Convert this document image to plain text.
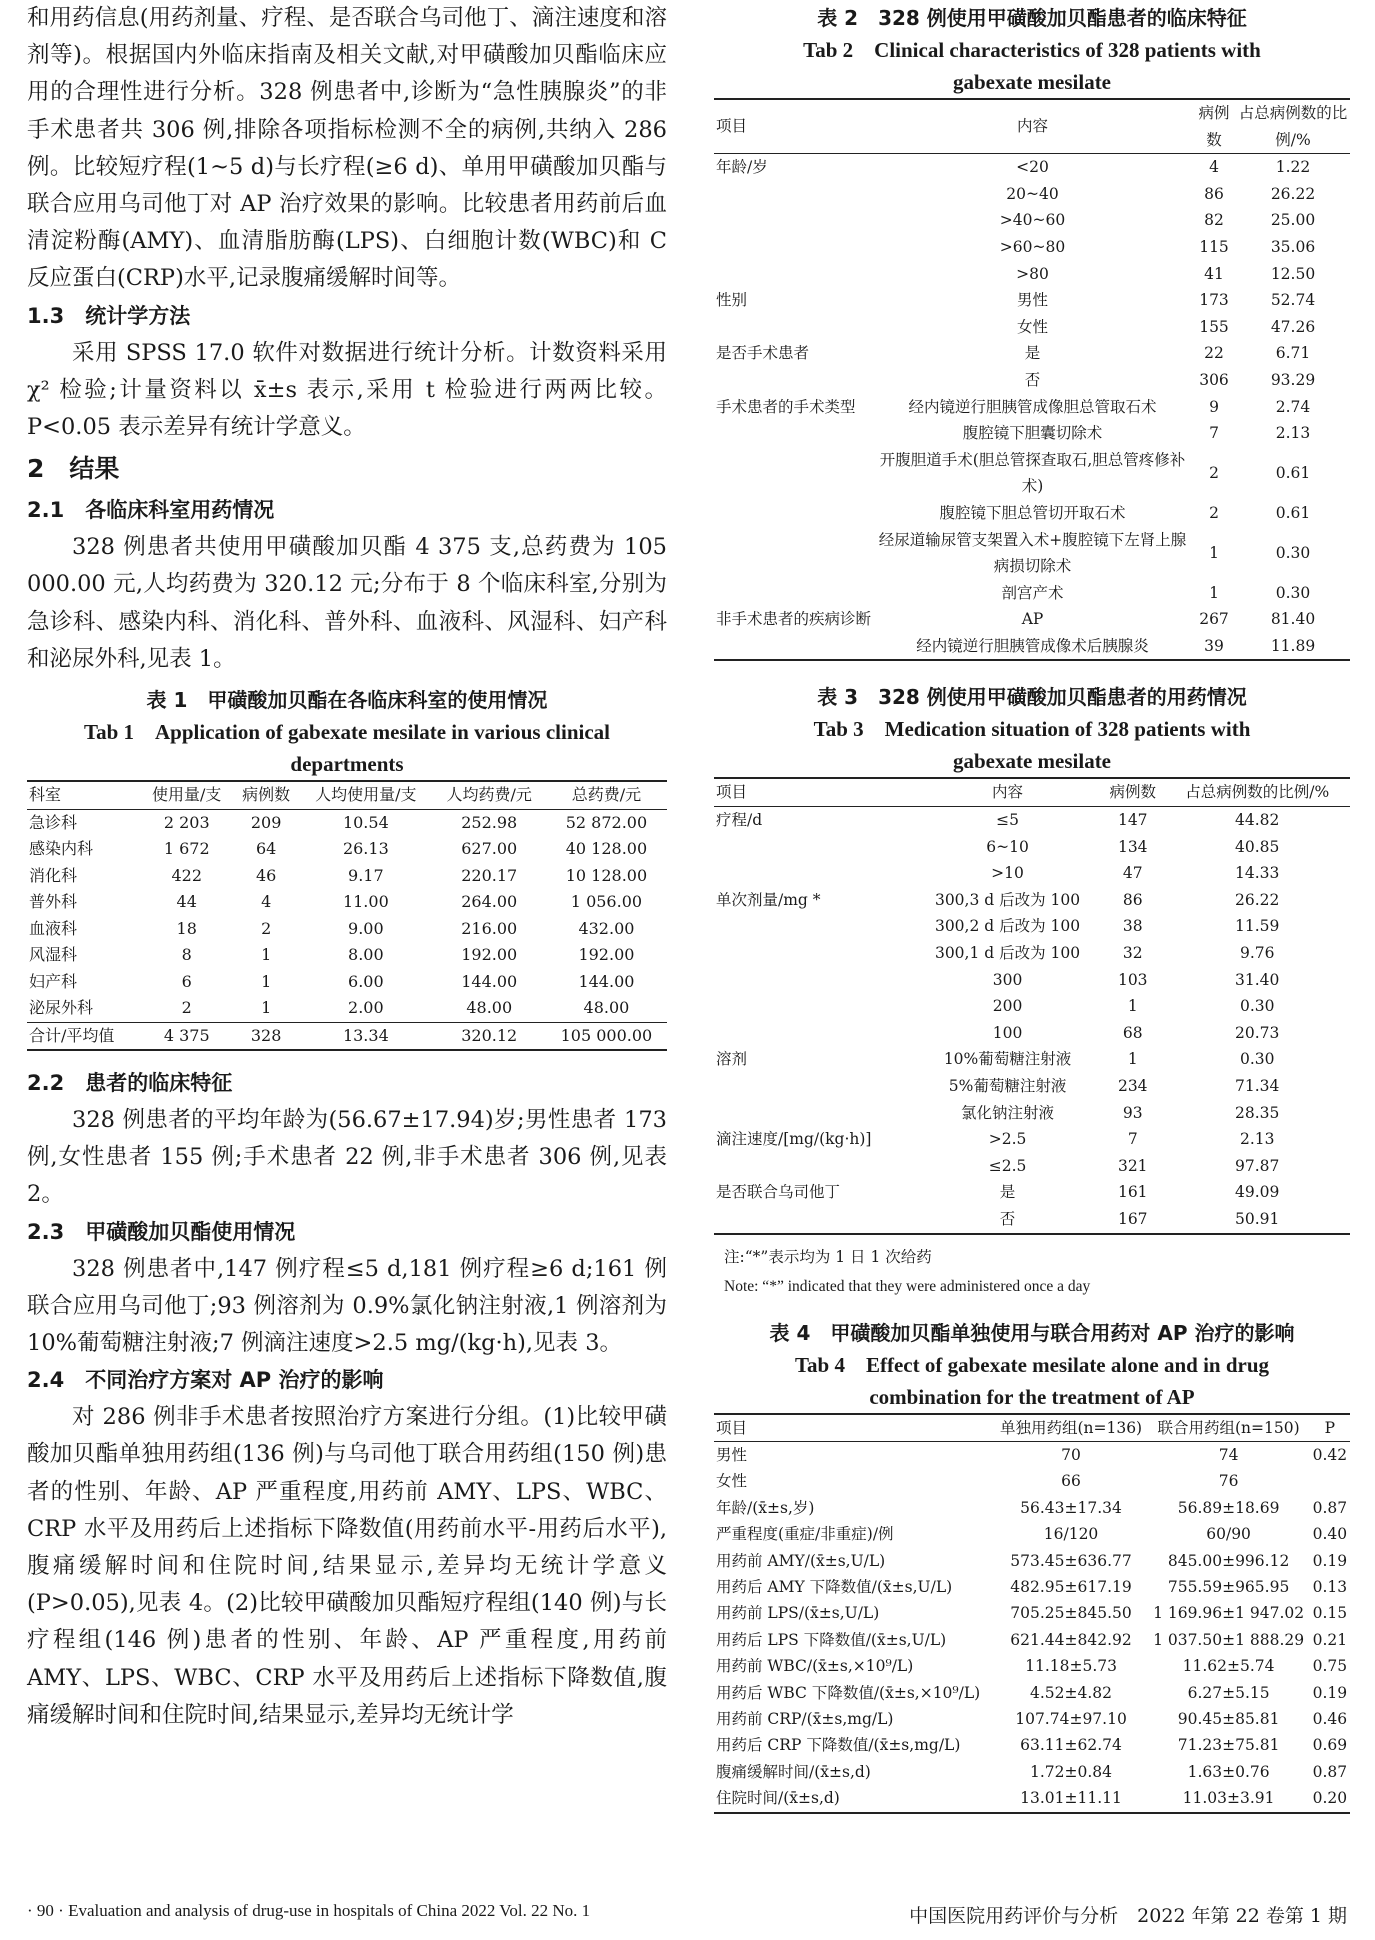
和用药信息(用药剂量、疗程、是否联合乌司他丁、滴注速度和溶剂等)。根据国内外临床指南及相关文献,对甲磺酸加贝酯临床应用的合理性进行分析。328 例患者中,诊断为“急性胰腺炎”的非手术患者共 306 例,排除各项指标检测不全的病例,共纳入 286 例。比较短疗程(1~5 d)与长疗程(≥6 d)、单用甲磺酸加贝酯与联合应用乌司他丁对 AP 治疗效果的影响。比较患者用药前后血清淀粉酶(AMY)、血清脂肪酶(LPS)、白细胞计数(WBC)和 C 反应蛋白(CRP)水平,记录腹痛缓解时间等。

1.3　统计学方法

采用 SPSS 17.0 软件对数据进行统计分析。计数资料采用χ² 检验;计量资料以 x̄±s 表示,采用 t 检验进行两两比较。P<0.05 表示差异有统计学意义。

2　结果
2.1　各临床科室用药情况

328 例患者共使用甲磺酸加贝酯 4 375 支,总药费为 105 000.00 元,人均药费为 320.12 元;分布于 8 个临床科室,分别为急诊科、感染内科、消化科、普外科、血液科、风湿科、妇产科和泌尿外科,见表 1。

表 1　甲磺酸加贝酯在各临床科室的使用情况

Tab 1　Application of gabexate mesilate in various clinical departments

科室	使用量/支	病例数	人均使用量/支	人均药费/元	总药费/元
急诊科	2 203	209	10.54	252.98	52 872.00
感染内科	1 672	64	26.13	627.00	40 128.00
消化科	422	46	9.17	220.17	10 128.00
普外科	44	4	11.00	264.00	1 056.00
血液科	18	2	9.00	216.00	432.00
风湿科	8	1	8.00	192.00	192.00
妇产科	6	1	6.00	144.00	144.00
泌尿外科	2	1	2.00	48.00	48.00
合计/平均值	4 375	328	13.34	320.12	105 000.00
2.2　患者的临床特征

328 例患者的平均年龄为(56.67±17.94)岁;男性患者 173 例,女性患者 155 例;手术患者 22 例,非手术患者 306 例,见表 2。

2.3　甲磺酸加贝酯使用情况

328 例患者中,147 例疗程≤5 d,181 例疗程≥6 d;161 例联合应用乌司他丁;93 例溶剂为 0.9%氯化钠注射液,1 例溶剂为 10%葡萄糖注射液;7 例滴注速度>2.5 mg/(kg·h),见表 3。

2.4　不同治疗方案对 AP 治疗的影响

对 286 例非手术患者按照治疗方案进行分组。(1)比较甲磺酸加贝酯单独用药组(136 例)与乌司他丁联合用药组(150 例)患者的性别、年龄、AP 严重程度,用药前 AMY、LPS、WBC、CRP 水平及用药后上述指标下降数值(用药前水平-用药后水平),腹痛缓解时间和住院时间,结果显示,差异均无统计学意义(P>0.05),见表 4。(2)比较甲磺酸加贝酯短疗程组(140 例)与长疗程组(146 例)患者的性别、年龄、AP 严重程度,用药前 AMY、LPS、WBC、CRP 水平及用药后上述指标下降数值,腹痛缓解时间和住院时间,结果显示,差异均无统计学

表 2　328 例使用甲磺酸加贝酯患者的临床特征

Tab 2　Clinical characteristics of 328 patients with gabexate mesilate

项目	内容	病例数	占总病例数的比例/%
年龄/岁	<20	4	1.22
	20~40	86	26.22
	>40~60	82	25.00
	>60~80	115	35.06
	>80	41	12.50
性别	男性	173	52.74
	女性	155	47.26
是否手术患者	是	22	6.71
	否	306	93.29
手术患者的手术类型	经内镜逆行胆胰管成像胆总管取石术	9	2.74
	腹腔镜下胆囊切除术	7	2.13
	开腹胆道手术(胆总管探查取石,胆总管疼修补术)	2	0.61
	腹腔镜下胆总管切开取石术	2	0.61
	经尿道输尿管支架置入术+腹腔镜下左肾上腺病损切除术	1	0.30
	剖宫产术	1	0.30
非手术患者的疾病诊断	AP	267	81.40
	经内镜逆行胆胰管成像术后胰腺炎	39	11.89

表 3　328 例使用甲磺酸加贝酯患者的用药情况

Tab 3　Medication situation of 328 patients with gabexate mesilate

项目	内容	病例数	占总病例数的比例/%
疗程/d	≤5	147	44.82
	6~10	134	40.85
	>10	47	14.33
单次剂量/mg *	300,3 d 后改为 100	86	26.22
	300,2 d 后改为 100	38	11.59
	300,1 d 后改为 100	32	9.76
	300	103	31.40
	200	1	0.30
	100	68	20.73
溶剂	10%葡萄糖注射液	1	0.30
	5%葡萄糖注射液	234	71.34
	氯化钠注射液	93	28.35
滴注速度/[mg/(kg·h)]	>2.5	7	2.13
	≤2.5	321	97.87
是否联合乌司他丁	是	161	49.09
	否	167	50.91
注:“*”表示均为 1 日 1 次给药
Note: “*” indicated that they were administered once a day

表 4　甲磺酸加贝酯单独使用与联合用药对 AP 治疗的影响

Tab 4　Effect of gabexate mesilate alone and in drug combination for the treatment of AP

项目	单独用药组(n=136)	联合用药组(n=150)	P
男性	70	74	0.42
女性	66	76	
年龄/(x̄±s,岁)	56.43±17.34	56.89±18.69	0.87
严重程度(重症/非重症)/例	16/120	60/90	0.40
用药前 AMY/(x̄±s,U/L)	573.45±636.77	845.00±996.12	0.19
用药后 AMY 下降数值/(x̄±s,U/L)	482.95±617.19	755.59±965.95	0.13
用药前 LPS/(x̄±s,U/L)	705.25±845.50	1 169.96±1 947.02	0.15
用药后 LPS 下降数值/(x̄±s,U/L)	621.44±842.92	1 037.50±1 888.29	0.21
用药前 WBC/(x̄±s,×10⁹/L)	11.18±5.73	11.62±5.74	0.75
用药后 WBC 下降数值/(x̄±s,×10⁹/L)	4.52±4.82	6.27±5.15	0.19
用药前 CRP/(x̄±s,mg/L)	107.74±97.10	90.45±85.81	0.46
用药后 CRP 下降数值/(x̄±s,mg/L)	63.11±62.74	71.23±75.81	0.69
腹痛缓解时间/(x̄±s,d)	1.72±0.84	1.63±0.76	0.87
住院时间/(x̄±s,d)	13.01±11.11	11.03±3.91	0.20
· 90 · Evaluation and analysis of drug-use in hospitals of China 2022 Vol. 22 No. 1	中国医院用药评价与分析　2022 年第 22 卷第 1 期
